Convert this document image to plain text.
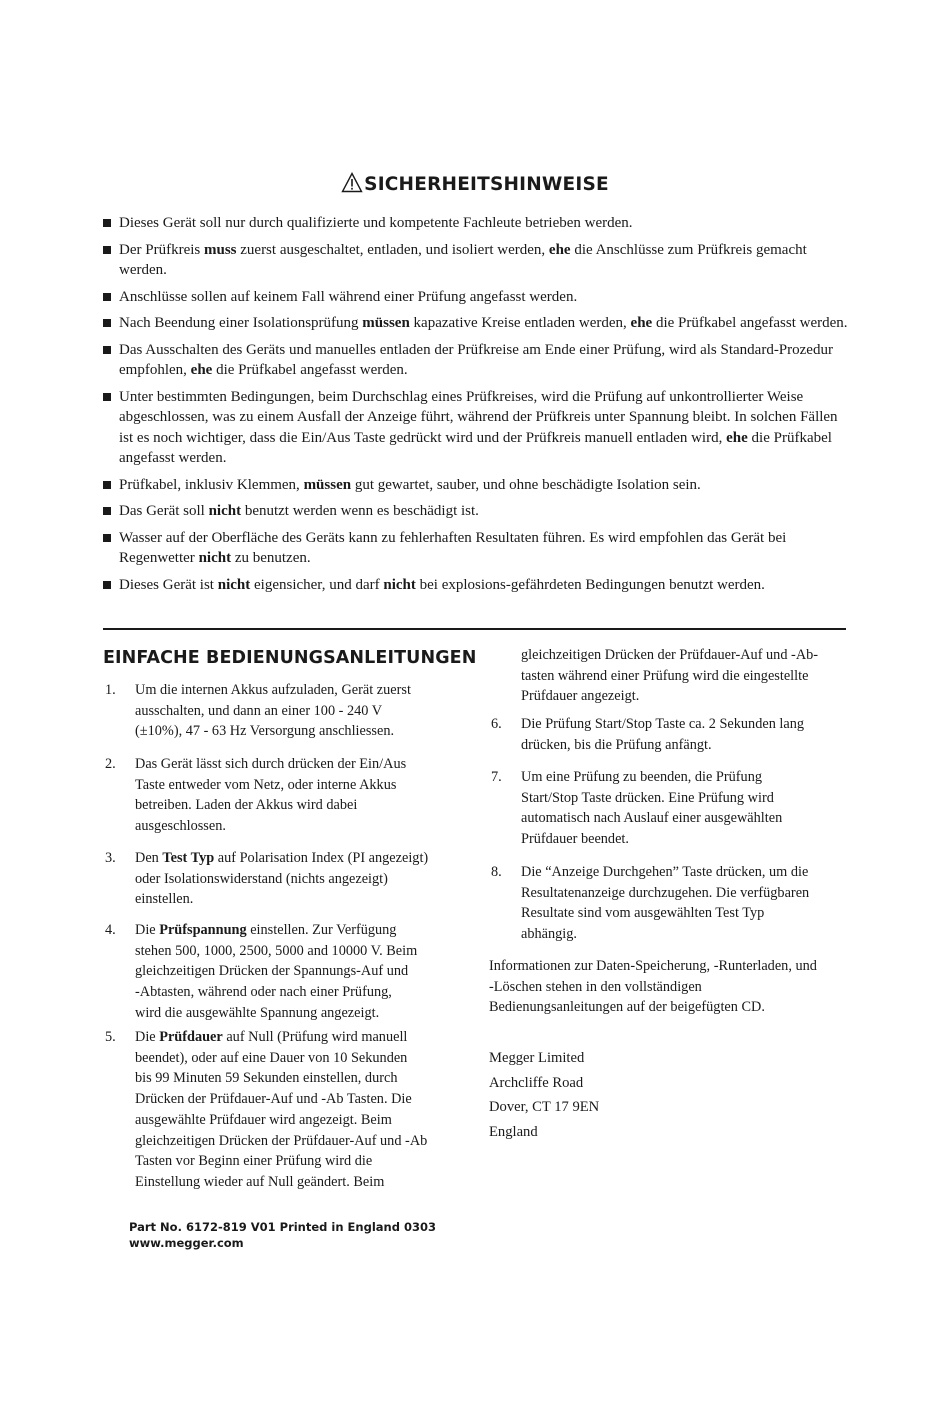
SICHERHEITSHINWEISE
Dieses Gerät soll nur durch qualifizierte und kompetente Fachleute betrieben werden.
Der Prüfkreis muss zuerst ausgeschaltet, entladen, und isoliert werden, ehe die Anschlüsse zum Prüfkreis gemacht werden.
Anschlüsse sollen auf keinem Fall während einer Prüfung angefasst werden.
Nach Beendung einer Isolationsprüfung müssen kapazative Kreise entladen werden, ehe die Prüfkabel angefasst werden.
Das Ausschalten des Geräts und manuelles entladen der Prüfkreise am Ende einer Prüfung, wird als Standard-Prozedur empfohlen, ehe die Prüfkabel angefasst werden.
Unter bestimmten Bedingungen, beim Durchschlag eines Prüfkreises, wird die Prüfung auf unkontrollierter Weise abgeschlossen, was zu einem Ausfall der Anzeige führt, während der Prüfkreis unter Spannung bleibt. In solchen Fällen ist es noch wichtiger, dass die Ein/Aus Taste gedrückt wird und der Prüfkreis manuell entladen wird, ehe die Prüfkabel angefasst werden.
Prüfkabel, inklusiv Klemmen, müssen gut gewartet, sauber, und ohne beschädigte Isolation sein.
Das Gerät soll nicht benutzt werden wenn es beschädigt ist.
Wasser auf der Oberfläche des Geräts kann zu fehlerhaften Resultaten führen. Es wird empfohlen das Gerät bei Regenwetter nicht zu benutzen.
Dieses Gerät ist nicht eigensicher, und darf nicht bei explosions-gefährdeten Bedingungen benutzt werden.
EINFACHE BEDIENUNGSANLEITUNGEN
1. Um die internen Akkus aufzuladen, Gerät zuerst
ausschalten, und dann an einer 100 - 240 V
(±10%), 47 - 63 Hz Versorgung anschliessen.
2. Das Gerät lässt sich durch drücken der Ein/Aus
Taste entweder vom Netz, oder interne Akkus
betreiben. Laden der Akkus wird dabei
ausgeschlossen.
3. Den Test Typ auf Polarisation Index (PI angezeigt)
oder Isolationswiderstand (nichts angezeigt)
einstellen.
4. Die Prüfspannung einstellen. Zur Verfügung
stehen 500, 1000, 2500, 5000 and 10000 V. Beim
gleichzeitigen Drücken der Spannungs-Auf und
-Abtasten, während oder nach einer Prüfung,
wird die ausgewählte Spannung angezeigt.
5. Die Prüfdauer auf Null (Prüfung wird manuell
beendet), oder auf eine Dauer von 10 Sekunden
bis 99 Minuten 59 Sekunden einstellen, durch
Drücken der Prüfdauer-Auf und -Ab Tasten. Die
ausgewählte Prüfdauer wird angezeigt. Beim
gleichzeitigen Drücken der Prüfdauer-Auf und -Ab
Tasten vor Beginn einer Prüfung wird die
Einstellung wieder auf Null geändert. Beim
gleichzeitigen Drücken der Prüfdauer-Auf und -Ab-
tasten während einer Prüfung wird die eingestellte
Prüfdauer angezeigt.
6. Die Prüfung Start/Stop Taste ca. 2 Sekunden lang
drücken, bis die Prüfung anfängt.
7. Um eine Prüfung zu beenden, die Prüfung
Start/Stop Taste drücken. Eine Prüfung wird
automatisch nach Auslauf einer ausgewählten
Prüfdauer beendet.
8. Die “Anzeige Durchgehen” Taste drücken, um die
Resultatenanzeige durchzugehen. Die verfügbaren
Resultate sind vom ausgewählten Test Typ
abhängig.
Informationen zur Daten-Speicherung, -Runterladen, und
-Löschen stehen in den vollständigen
Bedienungsanleitungen auf der beigefügten CD.
Megger Limited
Archcliffe Road
Dover, CT 17 9EN
England
Part No. 6172-819 V01 Printed in England 0303
www.megger.com
